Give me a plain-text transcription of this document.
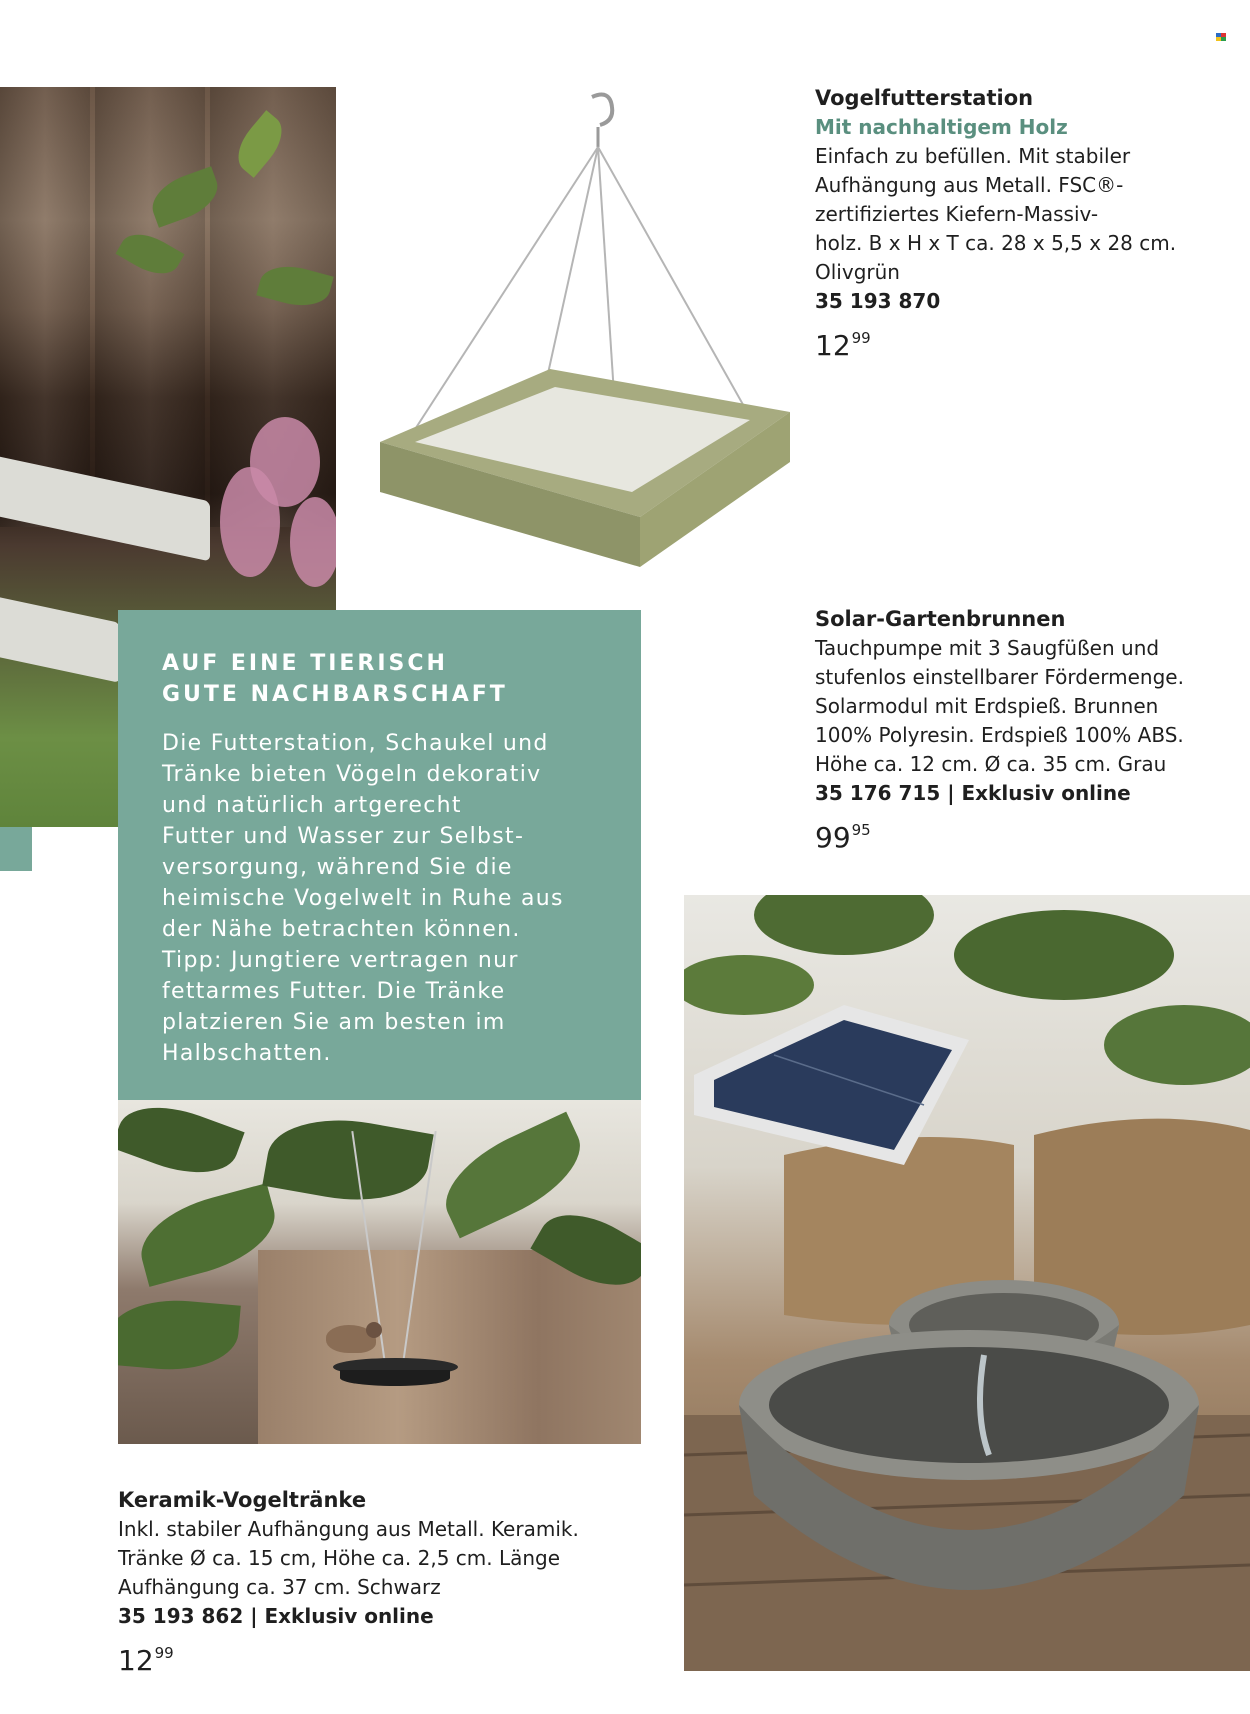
Vogelfutterstation
Mit nachhaltigem Holz
Einfach zu befüllen. Mit stabiler
Aufhängung aus Metall. FSC®-
zertifiziertes Kiefern-Massiv-
holz. B x H x T ca. 28 x 5,5 x 28 cm.
Olivgrün
35 193 870
$12^{99}$
Solar-Gartenbrunnen
Tauchpumpe mit 3 Saugfüßen und
stufenlos einstellbarer Fördermenge.
Solarmodul mit Erdspieß. Brunnen
100% Polyresin. Erdspieß 100% ABS.
Höhe ca. 12 cm. Ø ca. 35 cm. Grau
35 176 715 | Exklusiv online
$99^{95}$
AUF EINE TIERISCH
GUTE NACHBARSCHAFT

Die Futterstation, Schaukel und
Tränke bieten Vögeln dekorativ
und natürlich artgerecht
Futter und Wasser zur Selbst-
versorgung, während Sie die
heimische Vogelwelt in Ruhe aus
der Nähe betrachten können.
Tipp: Jungtiere vertragen nur
fettarmes Futter. Die Tränke
platzieren Sie am besten im
Halbschatten.

Keramik-Vogeltränke
Inkl. stabiler Aufhängung aus Metall. Keramik.
Tränke Ø ca. 15 cm, Höhe ca. 2,5 cm. Länge
Aufhängung ca. 37 cm. Schwarz
35 193 862 | Exklusiv online
$12^{99}$
